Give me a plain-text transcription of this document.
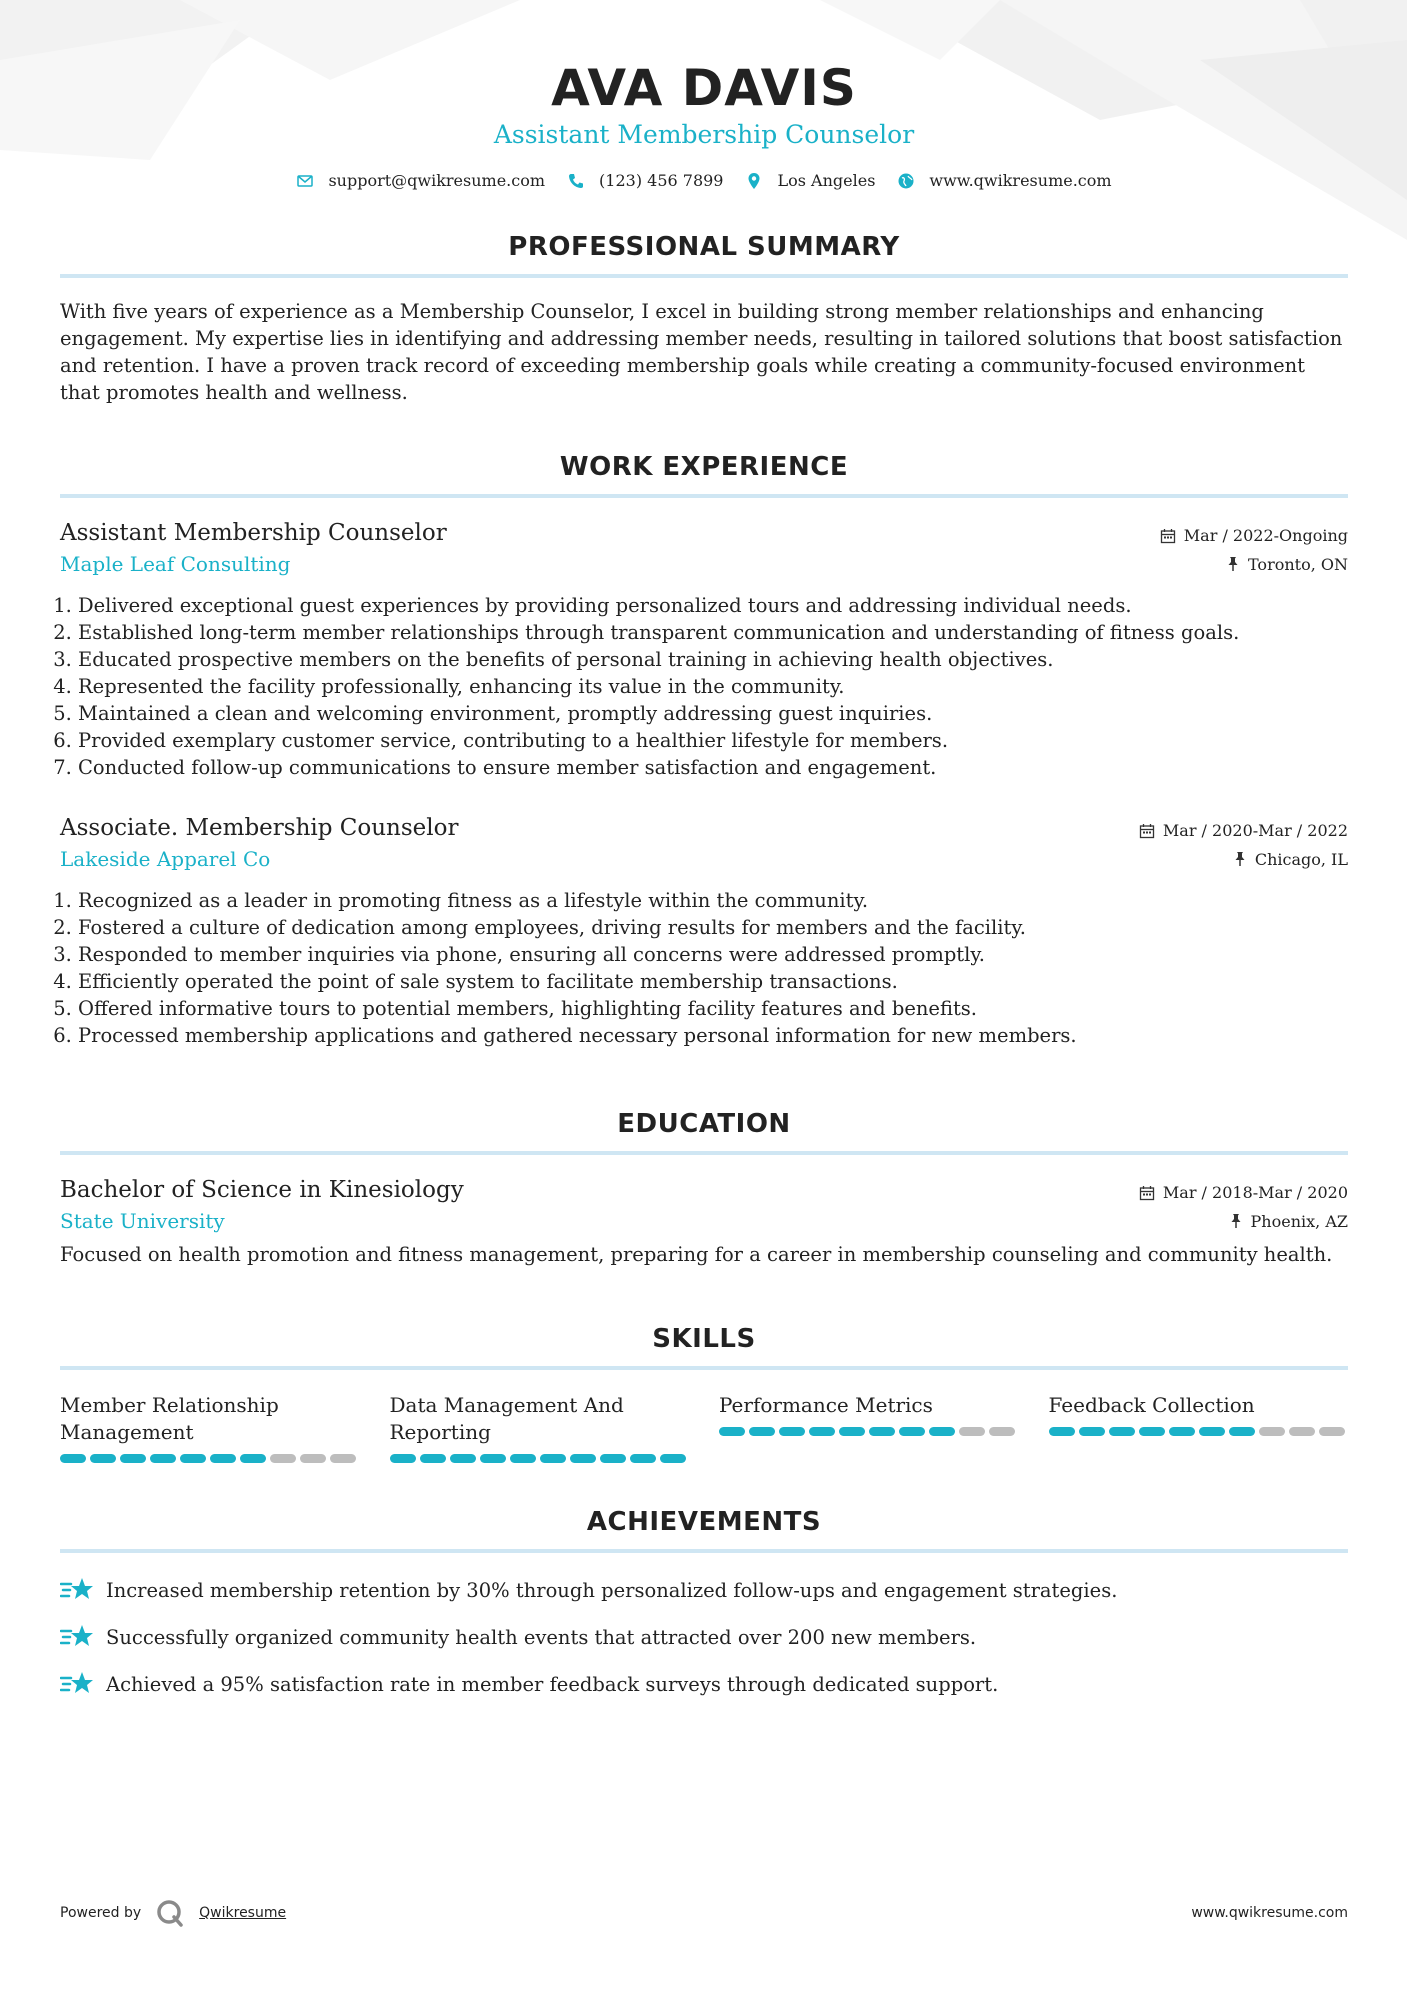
AVA DAVIS
Assistant Membership Counselor
support@qwikresume.com	(123) 456 7899	Los Angeles	www.qwikresume.com
PROFESSIONAL SUMMARY
With five years of experience as a Membership Counselor, I excel in building strong member relationships and enhancing engagement. My expertise lies in identifying and addressing member needs, resulting in tailored solutions that boost satisfaction and retention. I have a proven track record of exceeding membership goals while creating a community-focused environment that promotes health and wellness.
WORK EXPERIENCE
Assistant Membership Counselor	Mar / 2022-Ongoing
Maple Leaf Consulting	Toronto, ON
1. Delivered exceptional guest experiences by providing personalized tours and addressing individual needs.
2. Established long-term member relationships through transparent communication and understanding of fitness goals.
3. Educated prospective members on the benefits of personal training in achieving health objectives.
4. Represented the facility professionally, enhancing its value in the community.
5. Maintained a clean and welcoming environment, promptly addressing guest inquiries.
6. Provided exemplary customer service, contributing to a healthier lifestyle for members.
7. Conducted follow-up communications to ensure member satisfaction and engagement.
Associate. Membership Counselor	Mar / 2020-Mar / 2022
Lakeside Apparel Co	Chicago, IL
1. Recognized as a leader in promoting fitness as a lifestyle within the community.
2. Fostered a culture of dedication among employees, driving results for members and the facility.
3. Responded to member inquiries via phone, ensuring all concerns were addressed promptly.
4. Efficiently operated the point of sale system to facilitate membership transactions.
5. Offered informative tours to potential members, highlighting facility features and benefits.
6. Processed membership applications and gathered necessary personal information for new members.
EDUCATION
Bachelor of Science in Kinesiology	Mar / 2018-Mar / 2020
State University	Phoenix, AZ
Focused on health promotion and fitness management, preparing for a career in membership counseling and community health.
SKILLS
Member Relationship Management
Data Management And Reporting
Performance Metrics	Feedback Collection
ACHIEVEMENTS
Increased membership retention by 30% through personalized follow-ups and engagement strategies.
Successfully organized community health events that attracted over 200 new members.
Achieved a 95% satisfaction rate in member feedback surveys through dedicated support.
Powered by	Qwikresume	www.qwikresume.com
